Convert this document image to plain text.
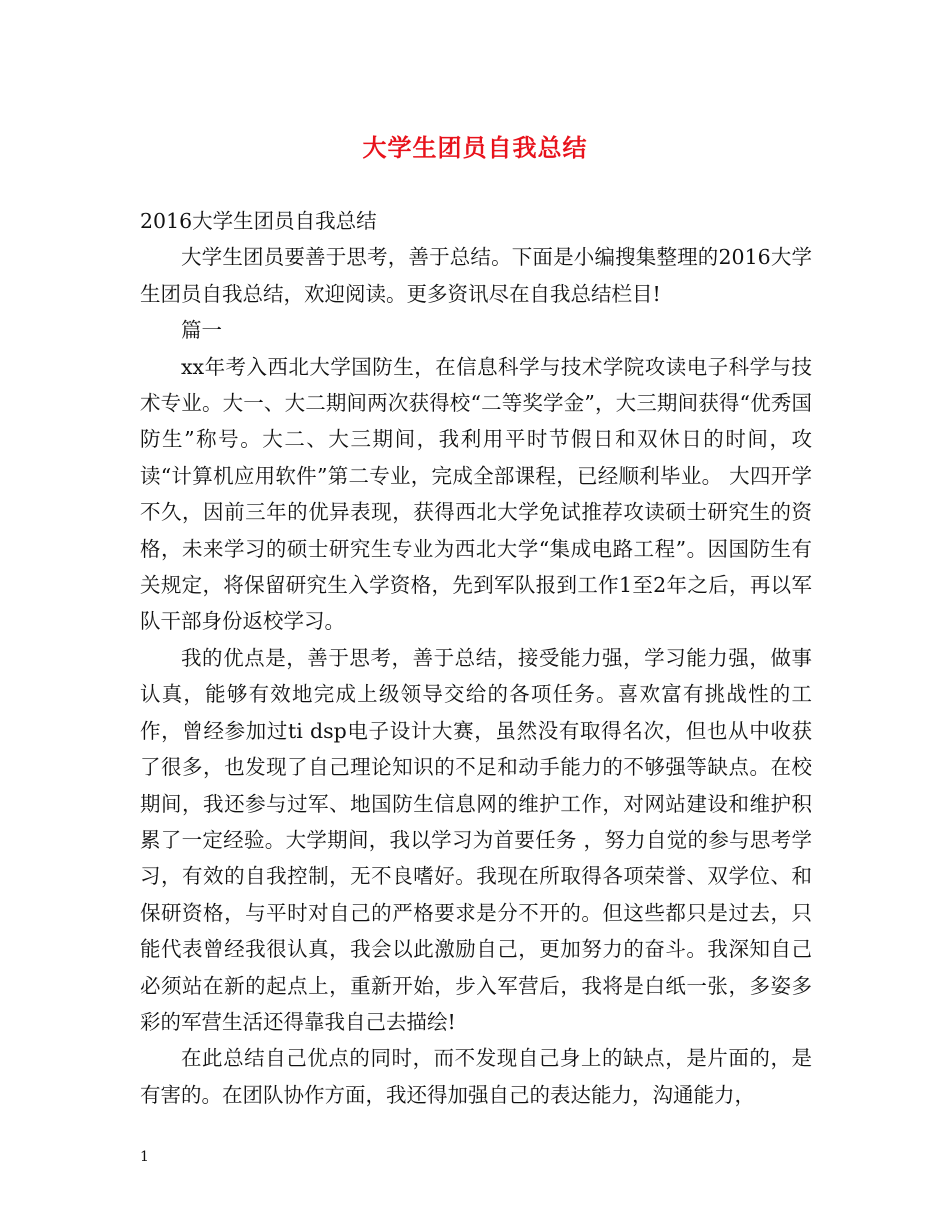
大学生团员自我总结

2016大学生团员自我总结

大学生团员要善于思考，善于总结。下面是小编搜集整理的2016大学生团员自我总结，欢迎阅读。更多资讯尽在自我总结栏目!

篇一

xx年考入西北大学国防生，在信息科学与技术学院攻读电子科学与技术专业。大一、大二期间两次获得校“二等奖学金”，大三期间获得“优秀国防生”称号。大二、大三期间，我利用平时节假日和双休日的时间，攻读“计算机应用软件”第二专业，完成全部课程，已经顺利毕业。 大四开学不久，因前三年的优异表现，获得西北大学免试推荐攻读硕士研究生的资格，未来学习的硕士研究生专业为西北大学“集成电路工程”。因国防生有关规定，将保留研究生入学资格，先到军队报到工作1至2年之后，再以军队干部身份返校学习。

我的优点是，善于思考，善于总结，接受能力强，学习能力强，做事认真，能够有效地完成上级领导交给的各项任务。喜欢富有挑战性的工作，曾经参加过ti dsp电子设计大赛，虽然没有取得名次，但也从中收获了很多，也发现了自己理论知识的不足和动手能力的不够强等缺点。在校期间，我还参与过军、地国防生信息网的维护工作，对网站建设和维护积累了一定经验。大学期间，我以学习为首要任务 ，努力自觉的参与思考学习，有效的自我控制，无不良嗜好。我现在所取得各项荣誉、双学位、和保研资格，与平时对自己的严格要求是分不开的。但这些都只是过去，只能代表曾经我很认真，我会以此激励自己，更加努力的奋斗。我深知自己必须站在新的起点上，重新开始，步入军营后，我将是白纸一张，多姿多彩的军营生活还得靠我自己去描绘!

在此总结自己优点的同时，而不发现自己身上的缺点，是片面的，是有害的。在团队协作方面，我还得加强自己的表达能力，沟通能力，

1
